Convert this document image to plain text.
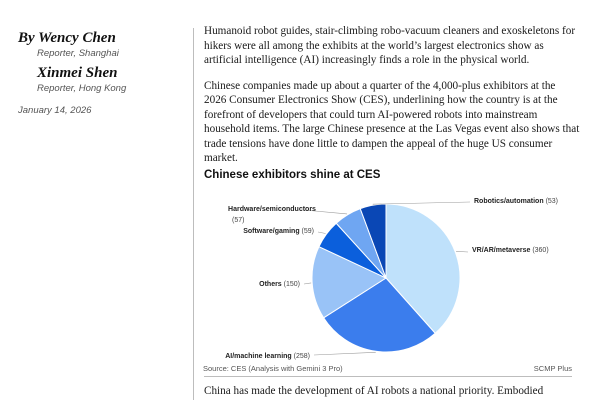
By Wency Chen
Reporter, Shanghai
Xinmei Shen
Reporter, Hong Kong
January 14, 2026

Humanoid robot guides, stair-climbing robo-vacuum cleaners and exoskeletons for hikers were all among the exhibits at the world’s largest electronics show as artificial intelligence (AI) increasingly finds a role in the physical world.

Chinese companies made up about a quarter of the 4,000-plus exhibitors at the 2026 Consumer Electronics Show (CES), underlining how the country is at the forefront of developers that could turn AI-powered robots into mainstream household items. The large Chinese presence at the Las Vegas event also shows that trade tensions have done little to dampen the appeal of the huge US consumer market.

Chinese exhibitors shine at CES
VR/AR/metaverse (360)
AI/machine learning (258)
Others (150)
Software/gaming (59)
Hardware/semiconductors
(57)
Robotics/automation (53)
Source: CES (Analysis with Gemini 3 Pro)	SCMP Plus
China has made the development of AI robots a national priority. Embodied
